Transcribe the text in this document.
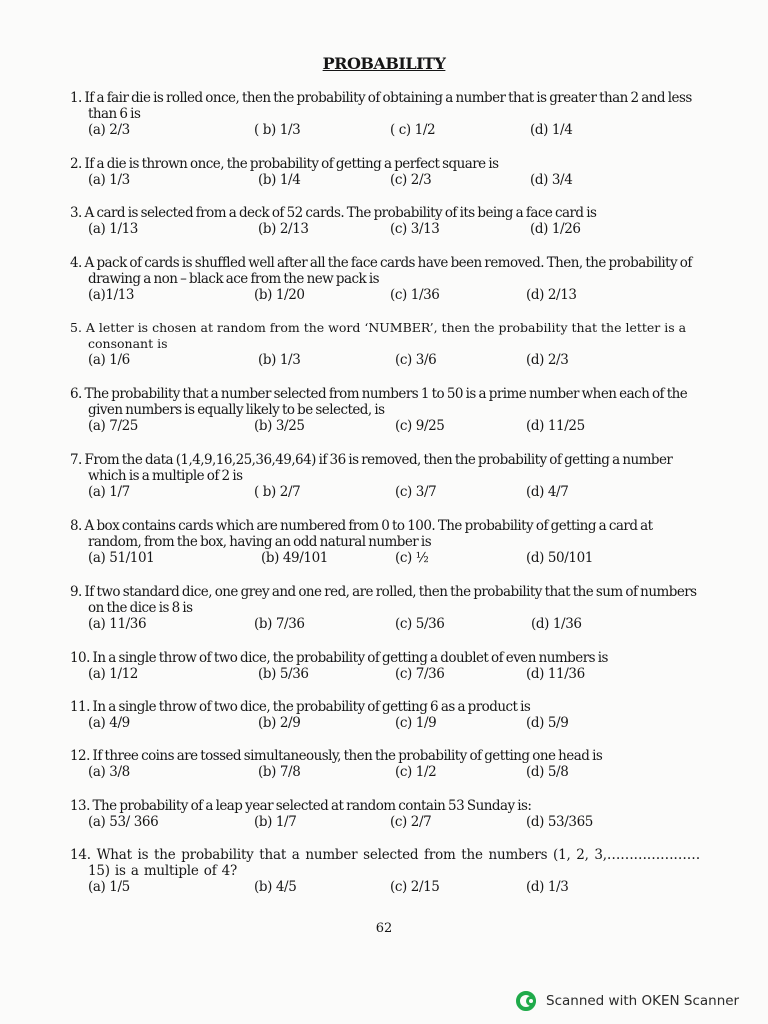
PROBABILITY
1. If a fair die is rolled once, then the probability of obtaining a number that is greater than 2 and less than 6 is
(a) 2/3	( b) 1/3	( c) 1/2	(d) 1/4
2. If a die is thrown once, the probability of getting a perfect square is
(a) 1/3	(b) 1/4	(c) 2/3	(d) 3/4
3. A card is selected from a deck of 52 cards. The probability of its being a face card is
(a) 1/13	(b) 2/13	(c) 3/13	(d) 1/26
4. A pack of cards is shuffled well after all the face cards have been removed. Then, the probability of drawing a non – black ace from the new pack is
(a)1/13	(b) 1/20	(c) 1/36	(d) 2/13
5. A letter is chosen at random from the word ‘NUMBER’, then the probability that the letter is a consonant is
(a) 1/6	(b) 1/3	(c) 3/6	(d) 2/3
6. The probability that a number selected from numbers 1 to 50 is a prime number when each of the given numbers is equally likely to be selected, is
(a) 7/25	(b) 3/25	(c) 9/25	(d) 11/25
7. From the data (1,4,9,16,25,36,49,64) if 36 is removed, then the probability of getting a number which is a multiple of 2 is
(a) 1/7	( b) 2/7	(c) 3/7	(d) 4/7
8. A box contains cards which are numbered from 0 to 100. The probability of getting a card at random, from the box, having an odd natural number is
(a) 51/101	(b) 49/101	(c) ½	(d) 50/101
9. If two standard dice, one grey and one red, are rolled, then the probability that the sum of numbers on the dice is 8 is
(a) 11/36	(b) 7/36	(c) 5/36	(d) 1/36
10. In a single throw of two dice, the probability of getting a doublet of even numbers is
(a) 1/12	(b) 5/36	(c) 7/36	(d) 11/36
11. In a single throw of two dice, the probability of getting 6 as a product is
(a) 4/9	(b) 2/9	(c) 1/9	(d) 5/9
12. If three coins are tossed simultaneously, then the probability of getting one head is
(a) 3/8	(b) 7/8	(c) 1/2	(d) 5/8
13. The probability of a leap year selected at random contain 53 Sunday is:
(a) 53/ 366	(b) 1/7	(c) 2/7	(d) 53/365
14. What is the probability that a number selected from the numbers (1, 2, 3,…………………15) is a multiple of 4?
(a) 1/5	(b) 4/5	(c) 2/15	(d) 1/3
62
Scanned with OKEN Scanner
